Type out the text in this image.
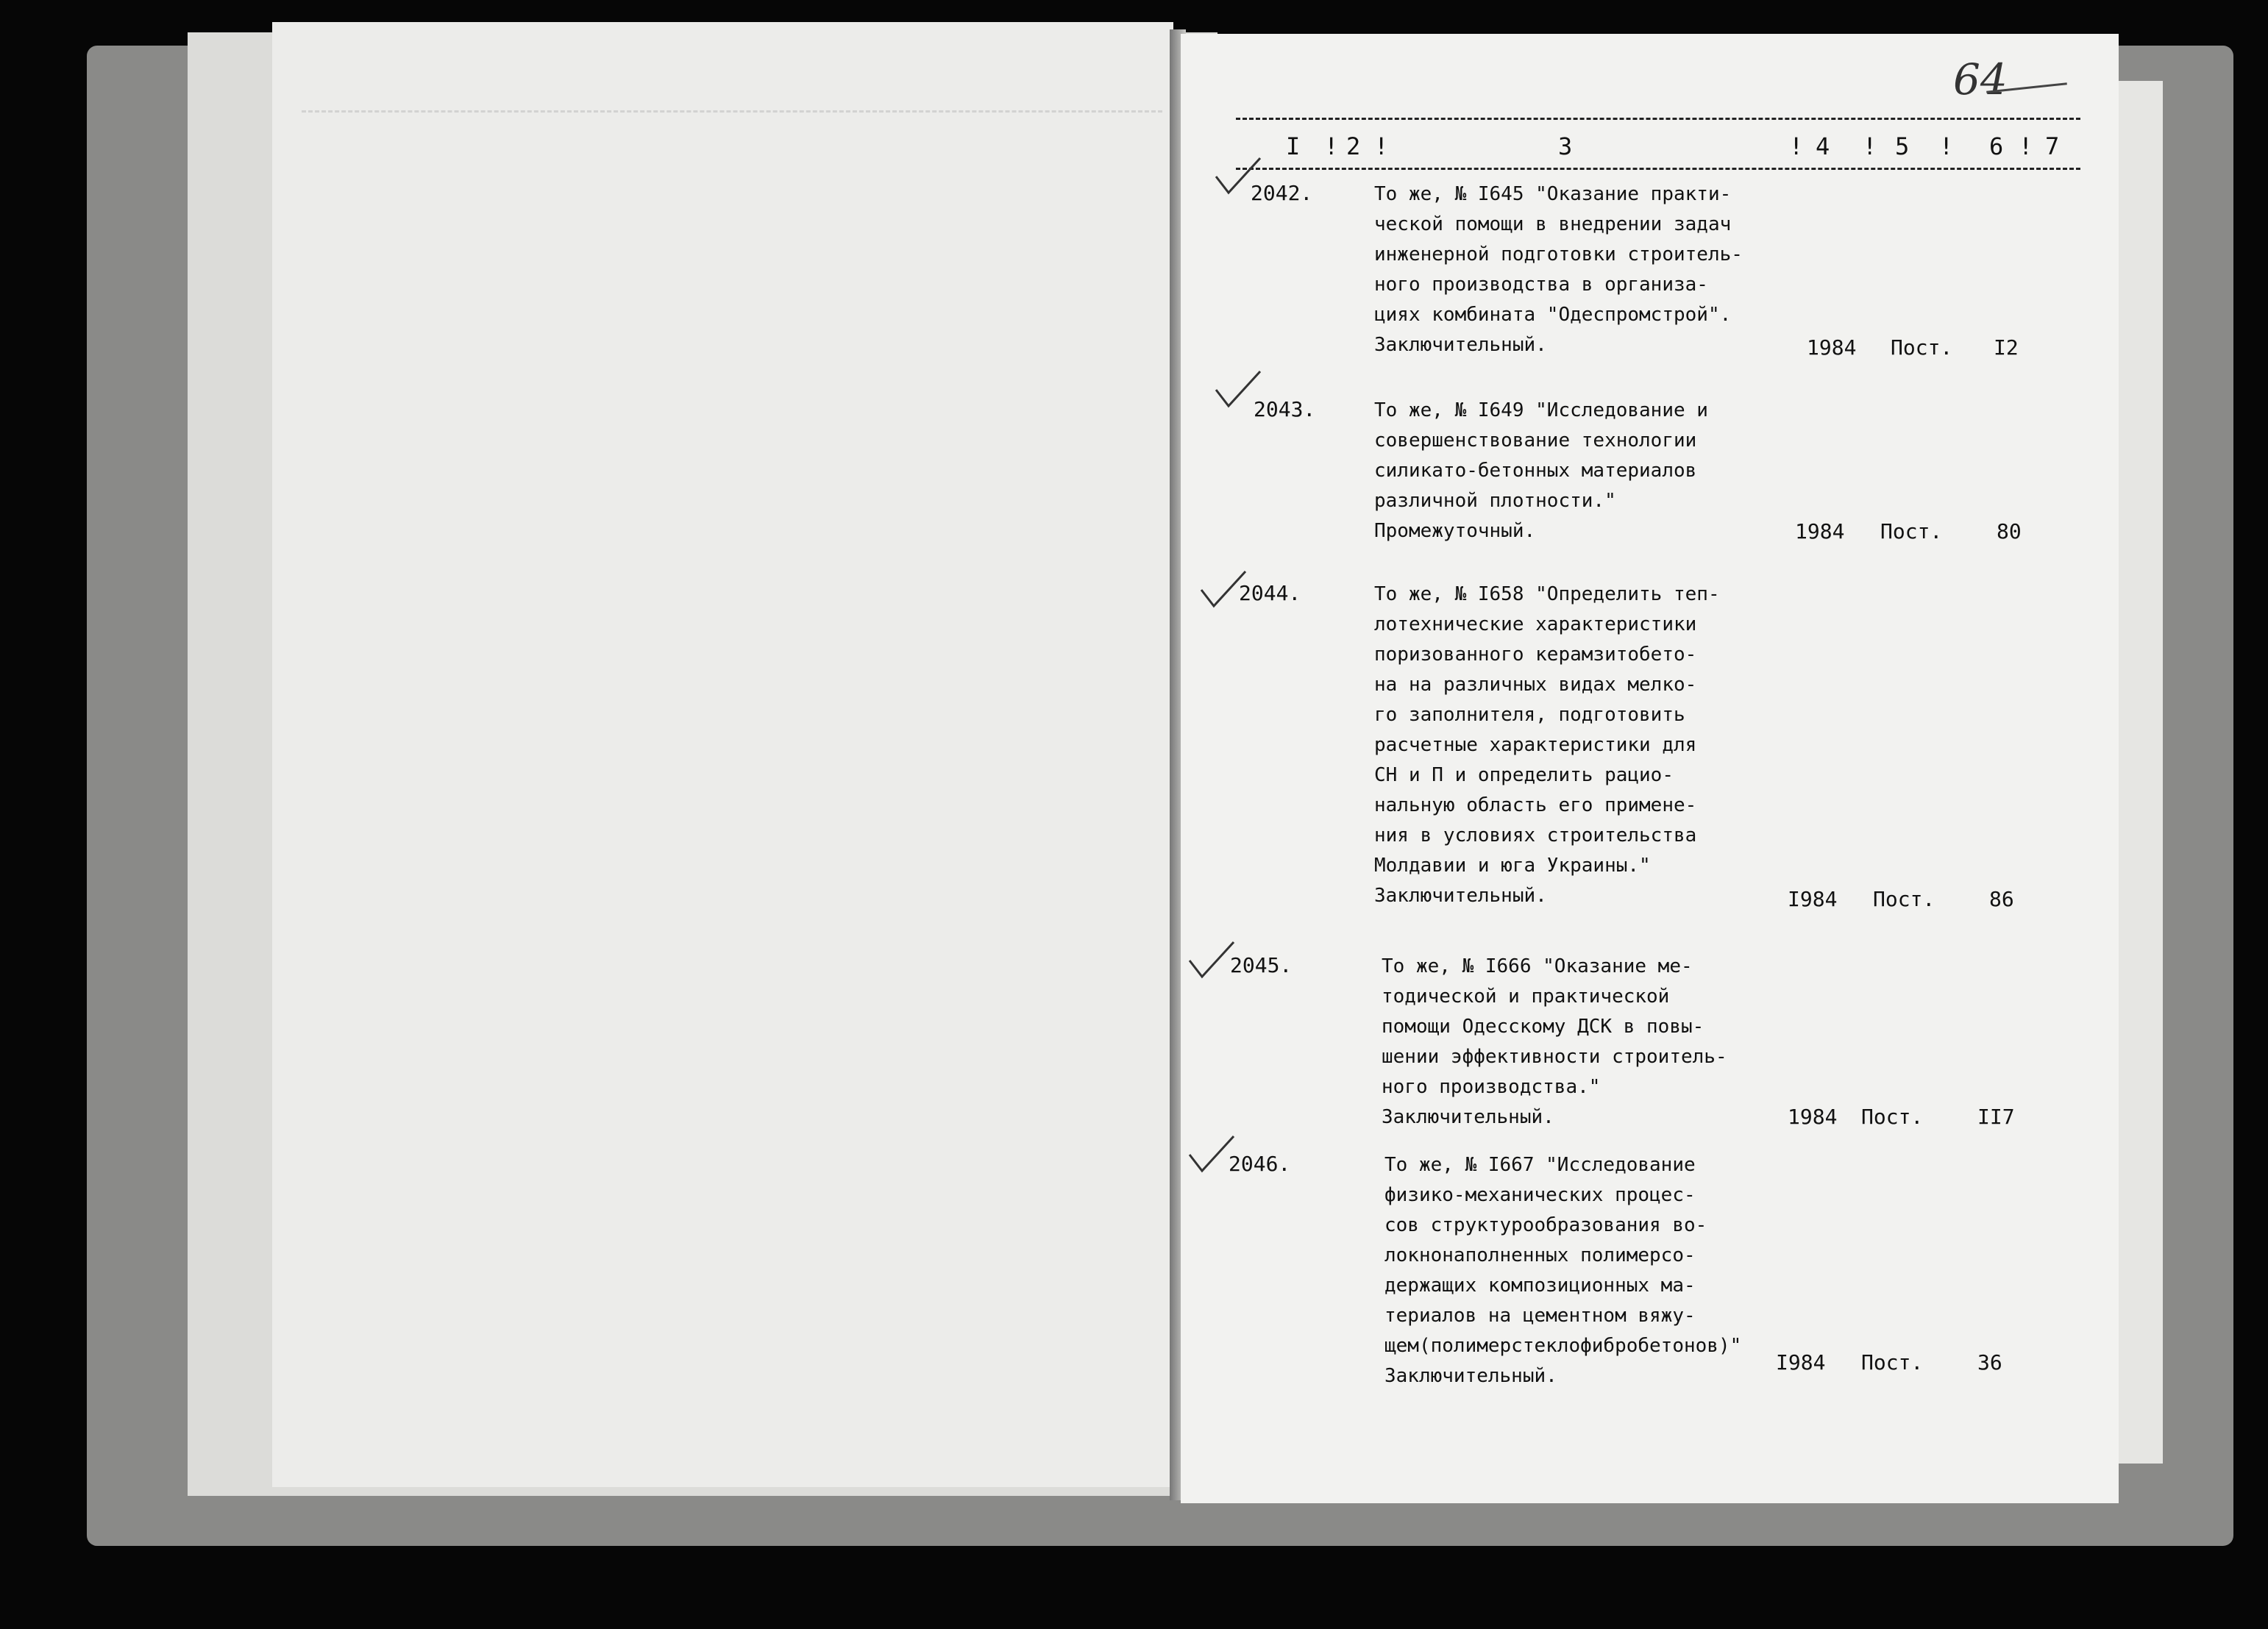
64
I ! 2 !	3	! 4 ! 5 ! 6 ! 7
2042.	То же, № I645 "Оказание практи-
ческой помощи в внедрении задач
инженерной подготовки строитель-
ного производства в организа-
циях комбината "Одеспромстрой".
Заключительный.	1984 Пост. I2
2043.	То же, № I649 "Исследование и
совершенствование технологии
силикато-бетонных материалов
различной плотности."
Промежуточный.	1984 Пост.	80
2044.	То же, № I658 "Определить теп-
лотехнические характеристики
поризованного керамзитобето-
на на различных видах мелко-
го заполнителя, подготовить
расчетные характеристики для
СН и П и определить рацио-
нальную область его примене-
ния в условиях строительства
Молдавии и юга Украины."
Заключительный.	I984 Пост.	86
2045.	То же, № I666 "Оказание ме-
тодической и практической
помощи Одесскому ДСК в повы-
шении эффективности строитель-
ного производства."
Заключительный.	1984 Пост.	II7
2046.	То же, № I667 "Исследование
физико-механических процес-
сов структурообразования во-
локнонаполненных полимерсо-
держащих композиционных ма-
териалов на цементном вяжу-
щем(полимерстеклофибробетонов)"
Заключительный.
I984 Пост.	36
